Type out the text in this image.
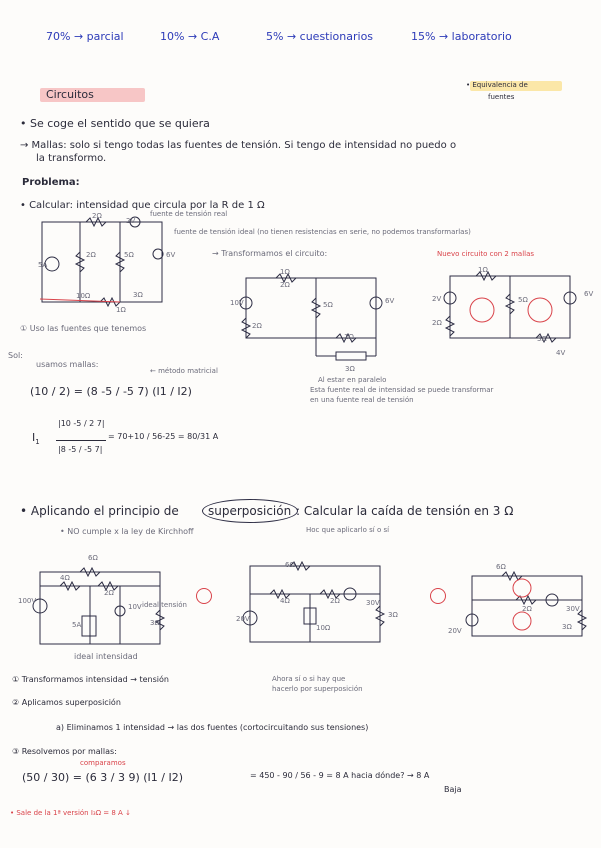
70% → parcial	10% → C.A	5% → cuestionarios	15% → laboratorio
Circuitos
• Equivalencia de
fuentes
• Se coge el sentido que se quiera
→ Mallas: solo si tengo todas las fuentes de tensión. Si tengo de intensidad no puedo o
la transformo.
Problema:
• Calcular: intensidad que circula por la R de 1 Ω
2Ω
2V
5A
2Ω	5Ω	6V
10Ω	3Ω
1Ω
fuente de tensión real
fuente de tensión ideal (no tienen resistencias en serie, no podemos transformarlas)
→ Transformamos el circuito:	Nuevo circuito con 2 mallas
1Ω
2Ω
10V
2Ω
5Ω	6V
1Ω
3Ω
1Ω
5Ω
2Ω
6V
2V
3Ω
4V
① Uso las fuentes que tenemos
Sol:
usamos mallas:
← método matricial
Al estar en paralelo
Esta fuente real de intensidad se puede transformar
en una fuente real de tensión
(10 / 2) = (8 -5 / -5 7) (I1 / I2)
$I_1$
|10 -5 / 2 7|
|8 -5 / -5 7|
= 70+10 / 56-25 = 80/31 A
• Aplicando el principio de superposición : Calcular la caída de tensión en 3 Ω
• NO cumple x la ley de Kirchhoff	Hoc que aplicarlo sí o sí
6Ω
4Ω
2Ω
100V
5A
10V
3Ω
ideal tensión
ideal intensidad
6Ω
4Ω	2Ω
20V
10Ω
30V
3Ω
6Ω
2Ω	30V
20V	3Ω
① Transformamos intensidad → tensión	Ahora sí o si hay que
hacerlo por superposición
② Aplicamos superposición
a) Eliminamos 1 intensidad → las dos fuentes (cortocircuitando sus tensiones)
③ Resolvemos por mallas:
comparamos
(50 / 30) = (6 3 / 3 9) (I1 / I2)	= 450 - 90 / 56 - 9 = 8 A hacia dónde? → 8 A
Baja
• Sale de la 1ª versión I₃Ω = 8 A ↓
